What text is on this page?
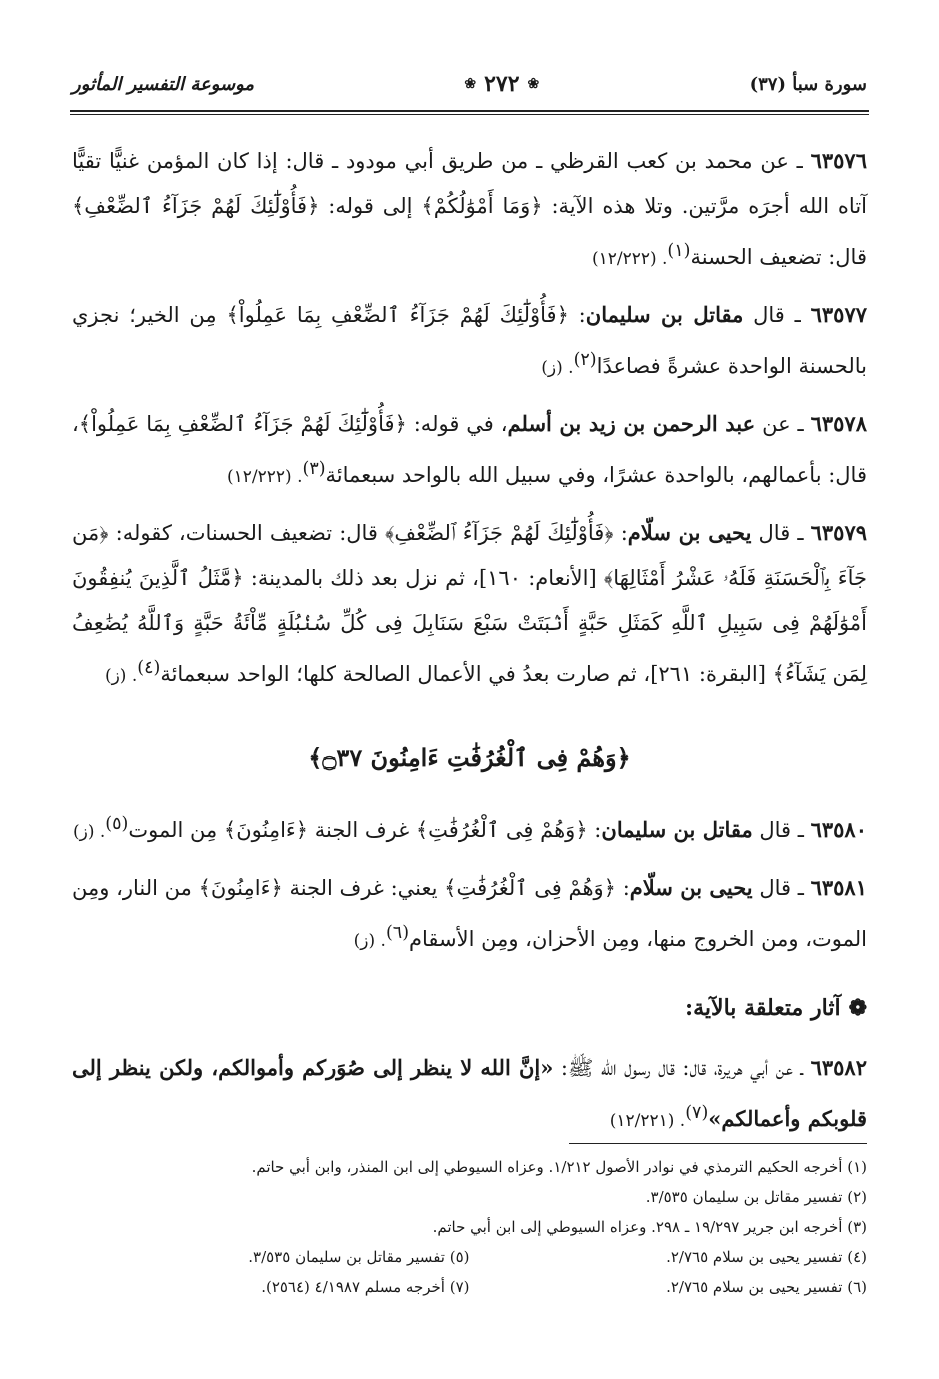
سورة سبأ (٣٧)
❀
٢٧٢
❀
موسوعة التفسير المأثور

٦٣٥٧٦ ـ عن محمد بن كعب القرظي ـ من طريق أبي مودود ـ قال: إذا كان المؤمن غنيًّا تقيًّا آتاه الله أجرَه مرَّتين. وتلا هذه الآية: ﴿وَمَا أَمْوَٰلُكُمْ﴾ إلى قوله: ﴿فَأُوْلَٰٓئِكَ لَهُمْ جَزَآءُ ٱلضِّعْفِ﴾ قال: تضعيف الحسنة$^{(١)}$. (١٢/٢٢٢)

٦٣٥٧٧ ـ قال مقاتل بن سليمان: ﴿فَأُوْلَٰٓئِكَ لَهُمْ جَزَآءُ ٱلضِّعْفِ بِمَا عَمِلُواْ﴾ مِن الخير؛ نجزي بالحسنة الواحدة عشرةً فصاعدًا$^{(٢)}$. (ز)

٦٣٥٧٨ ـ عن عبد الرحمن بن زيد بن أسلم، في قوله: ﴿فَأُوْلَٰٓئِكَ لَهُمْ جَزَآءُ ٱلضِّعْفِ بِمَا عَمِلُواْ﴾، قال: بأعمالهم، بالواحدة عشرًا، وفي سبيل الله بالواحد سبعمائة$^{(٣)}$. (١٢/٢٢٢)

٦٣٥٧٩ ـ قال يحيى بن سلّام: ﴿فَأُوْلَٰٓئِكَ لَهُمْ جَزَآءُ ٱلضِّعْفِ﴾ قال: تضعيف الحسنات، كقوله: ﴿مَن جَآءَ بِٱلْحَسَنَةِ فَلَهُۥ عَشْرُ أَمْثَالِهَا﴾ [الأنعام: ١٦٠]، ثم نزل بعد ذلك بالمدينة: ﴿مَّثَلُ ٱلَّذِينَ يُنفِقُونَ أَمْوَٰلَهُمْ فِى سَبِيلِ ٱللَّهِ كَمَثَلِ حَبَّةٍ أَنۢبَتَتْ سَبْعَ سَنَابِلَ فِى كُلِّ سُنۢبُلَةٍ مِّاْئَةُ حَبَّةٍ وَٱللَّهُ يُضَٰعِفُ لِمَن يَشَآءُ﴾ [البقرة: ٢٦١]، ثم صارت بعدُ في الأعمال الصالحة كلها؛ الواحد سبعمائة$^{(٤)}$. (ز)

﴿وَهُمْ فِى ٱلْغُرُفَٰتِ ءَامِنُونَ ۝٣٧﴾

٦٣٥٨٠ ـ قال مقاتل بن سليمان: ﴿وَهُمْ فِى ٱلْغُرُفَٰتِ﴾ غرف الجنة ﴿ءَامِنُونَ﴾ مِن الموت$^{(٥)}$. (ز)

٦٣٥٨١ ـ قال يحيى بن سلّام: ﴿وَهُمْ فِى ٱلْغُرُفَٰتِ﴾ يعني: غرف الجنة ﴿ءَامِنُونَ﴾ من النار، ومِن الموت، ومن الخروج منها، ومِن الأحزان، ومِن الأسقام$^{(٦)}$. (ز)

❁آثار متعلقة بالآية:

٦٣٥٨٢ ـ عن أبي هريرة، قال: قال رسول الله ﷺ: «إنَّ الله لا ينظر إلى صُوَركم وأموالكم، ولكن ينظر إلى قلوبكم وأعمالكم»$^{(٧)}$. (١٢/٢٢١)

(١) أخرجه الحكيم الترمذي في نوادر الأصول ١/٢١٢. وعزاه السيوطي إلى ابن المنذر، وابن أبي حاتم.
(٢) تفسير مقاتل بن سليمان ٣/٥٣٥.
(٣) أخرجه ابن جرير ١٩/٢٩٧ ـ ٢٩٨. وعزاه السيوطي إلى ابن أبي حاتم.
(٤) تفسير يحيى بن سلام ٢/٧٦٥.
(٥) تفسير مقاتل بن سليمان ٣/٥٣٥.
(٦) تفسير يحيى بن سلام ٢/٧٦٥.
(٧) أخرجه مسلم ٤/١٩٨٧ (٢٥٦٤).
